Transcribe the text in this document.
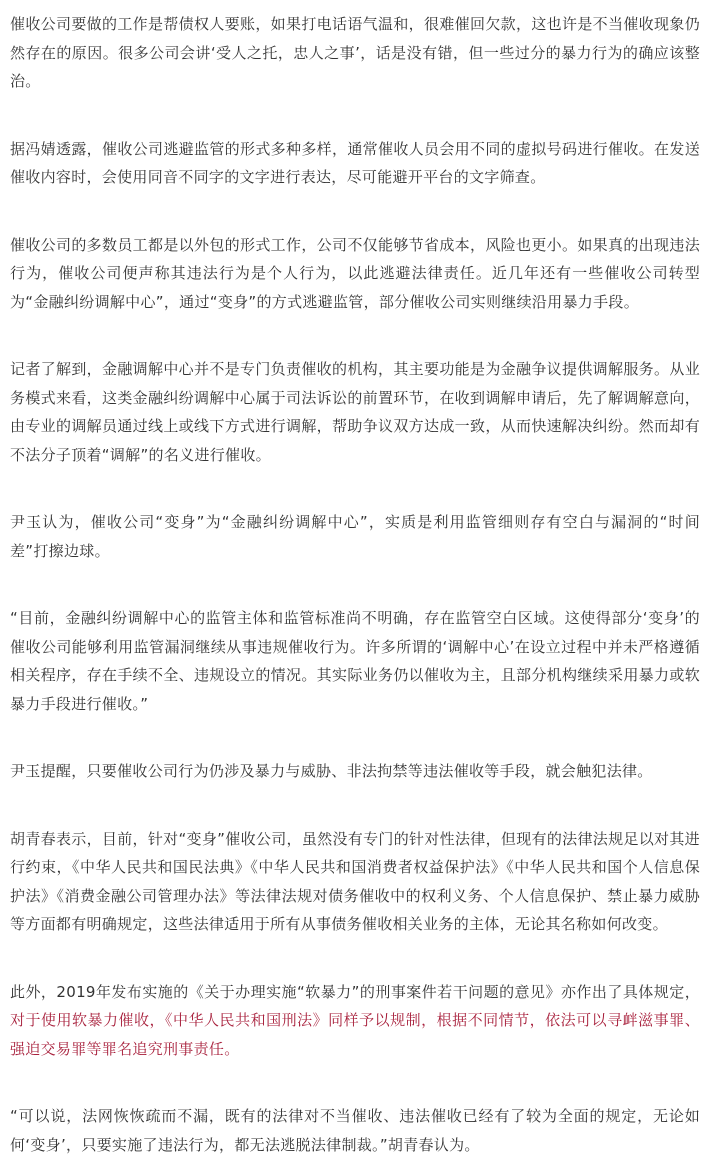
催收公司要做的工作是帮债权人要账，如果打电话语气温和，很难催回欠款，这也许是不当催收现象仍然存在的原因。很多公司会讲‘受人之托，忠人之事’，话是没有错，但一些过分的暴力行为的确应该整治。

据冯婧透露，催收公司逃避监管的形式多种多样，通常催收人员会用不同的虚拟号码进行催收。在发送催收内容时，会使用同音不同字的文字进行表达，尽可能避开平台的文字筛查。

催收公司的多数员工都是以外包的形式工作，公司不仅能够节省成本，风险也更小。如果真的出现违法行为，催收公司便声称其违法行为是个人行为，以此逃避法律责任。近几年还有一些催收公司转型为“金融纠纷调解中心”，通过“变身”的方式逃避监管，部分催收公司实则继续沿用暴力手段。

记者了解到，金融调解中心并不是专门负责催收的机构，其主要功能是为金融争议提供调解服务。从业务模式来看，这类金融纠纷调解中心属于司法诉讼的前置环节，在收到调解申请后，先了解调解意向，由专业的调解员通过线上或线下方式进行调解，帮助争议双方达成一致，从而快速解决纠纷。然而却有不法分子顶着“调解”的名义进行催收。

尹玉认为，催收公司“变身”为“金融纠纷调解中心”，实质是利用监管细则存有空白与漏洞的“时间差”打擦边球。

“目前，金融纠纷调解中心的监管主体和监管标准尚不明确，存在监管空白区域。这使得部分‘变身’的催收公司能够利用监管漏洞继续从事违规催收行为。许多所谓的‘调解中心’在设立过程中并未严格遵循相关程序，存在手续不全、违规设立的情况。其实际业务仍以催收为主，且部分机构继续采用暴力或软暴力手段进行催收。”

尹玉提醒，只要催收公司行为仍涉及暴力与威胁、非法拘禁等违法催收等手段，就会触犯法律。

胡青春表示，目前，针对“变身”催收公司，虽然没有专门的针对性法律，但现有的法律法规足以对其进行约束，《中华人民共和国民法典》《中华人民共和国消费者权益保护法》《中华人民共和国个人信息保护法》《消费金融公司管理办法》等法律法规对债务催收中的权利义务、个人信息保护、禁止暴力威胁等方面都有明确规定，这些法律适用于所有从事债务催收相关业务的主体，无论其名称如何改变。

此外，2019年发布实施的《关于办理实施“软暴力”的刑事案件若干问题的意见》亦作出了具体规定，对于使用软暴力催收，《中华人民共和国刑法》同样予以规制，根据不同情节，依法可以寻衅滋事罪、强迫交易罪等罪名追究刑事责任。

“可以说，法网恢恢疏而不漏，既有的法律对不当催收、违法催收已经有了较为全面的规定，无论如何‘变身’，只要实施了违法行为，都无法逃脱法律制裁。”胡青春认为。
